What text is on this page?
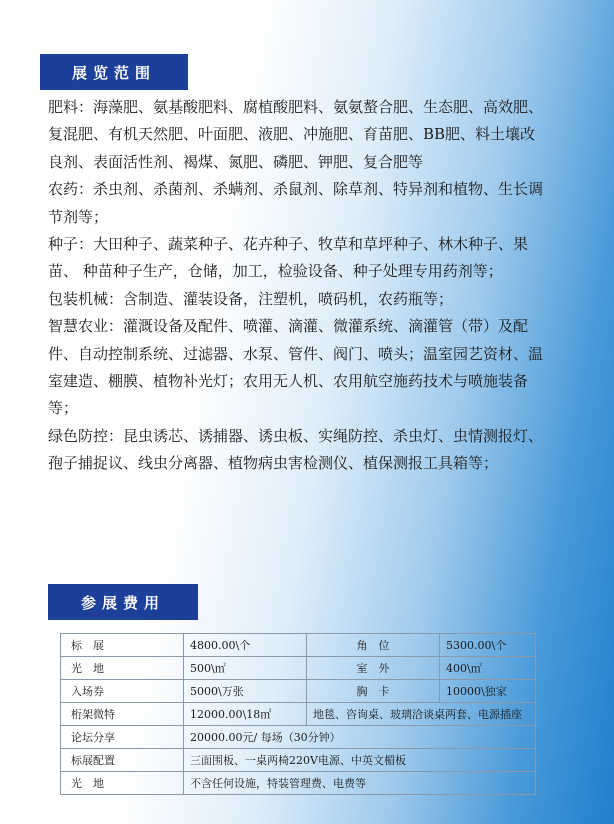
展览范围

肥料：海藻肥、氨基酸肥料、腐植酸肥料、氨氨螯合肥、生态肥、高效肥、复混肥、有机天然肥、叶面肥、液肥、冲施肥、育苗肥、BB肥、料土壤改良剂、表面活性剂、褐煤、氮肥、磷肥、钾肥、复合肥等

农药：杀虫剂、杀菌剂、杀螨剂、杀鼠剂、除草剂、特异剂和植物、生长调节剂等；

种子：大田种子、蔬菜种子、花卉种子、牧草和草坪种子、林木种子、果苗、 种苗种子生产，仓储，加工，检验设备、种子处理专用药剂等；

包装机械：含制造、灌装设备，注塑机，喷码机，农药瓶等；

智慧农业：灌溉设备及配件、喷灌、滴灌、微灌系统、滴灌管（带）及配件、自动控制系统、过滤器、水泵、管件、阀门、喷头；温室园艺资材、温室建造、棚膜、植物补光灯；农用无人机、农用航空施药技术与喷施装备等；

绿色防控：昆虫诱芯、诱捕器、诱虫板、实绳防控、杀虫灯、虫情测报灯、 孢子捕捉议、线虫分离器、植物病虫害检测仪、植保测报工具箱等；

参展费用
标　展	4800.00\个	角　位	5300.00\个
光　地	500\㎡	室　外	400\㎡
入场券	5000\万张	胸　卡	10000\独家
桁架微特	12000.00\18㎡	地毯、咨询桌、玻璃洽谈桌两套、电源插座	
论坛分享	20000.00元/ 每场（30分钟）		
标展配置	三面围板、一桌两椅220V电源、中英文楣板		
光　地	不含任何设施，特装管理费、电费等		
